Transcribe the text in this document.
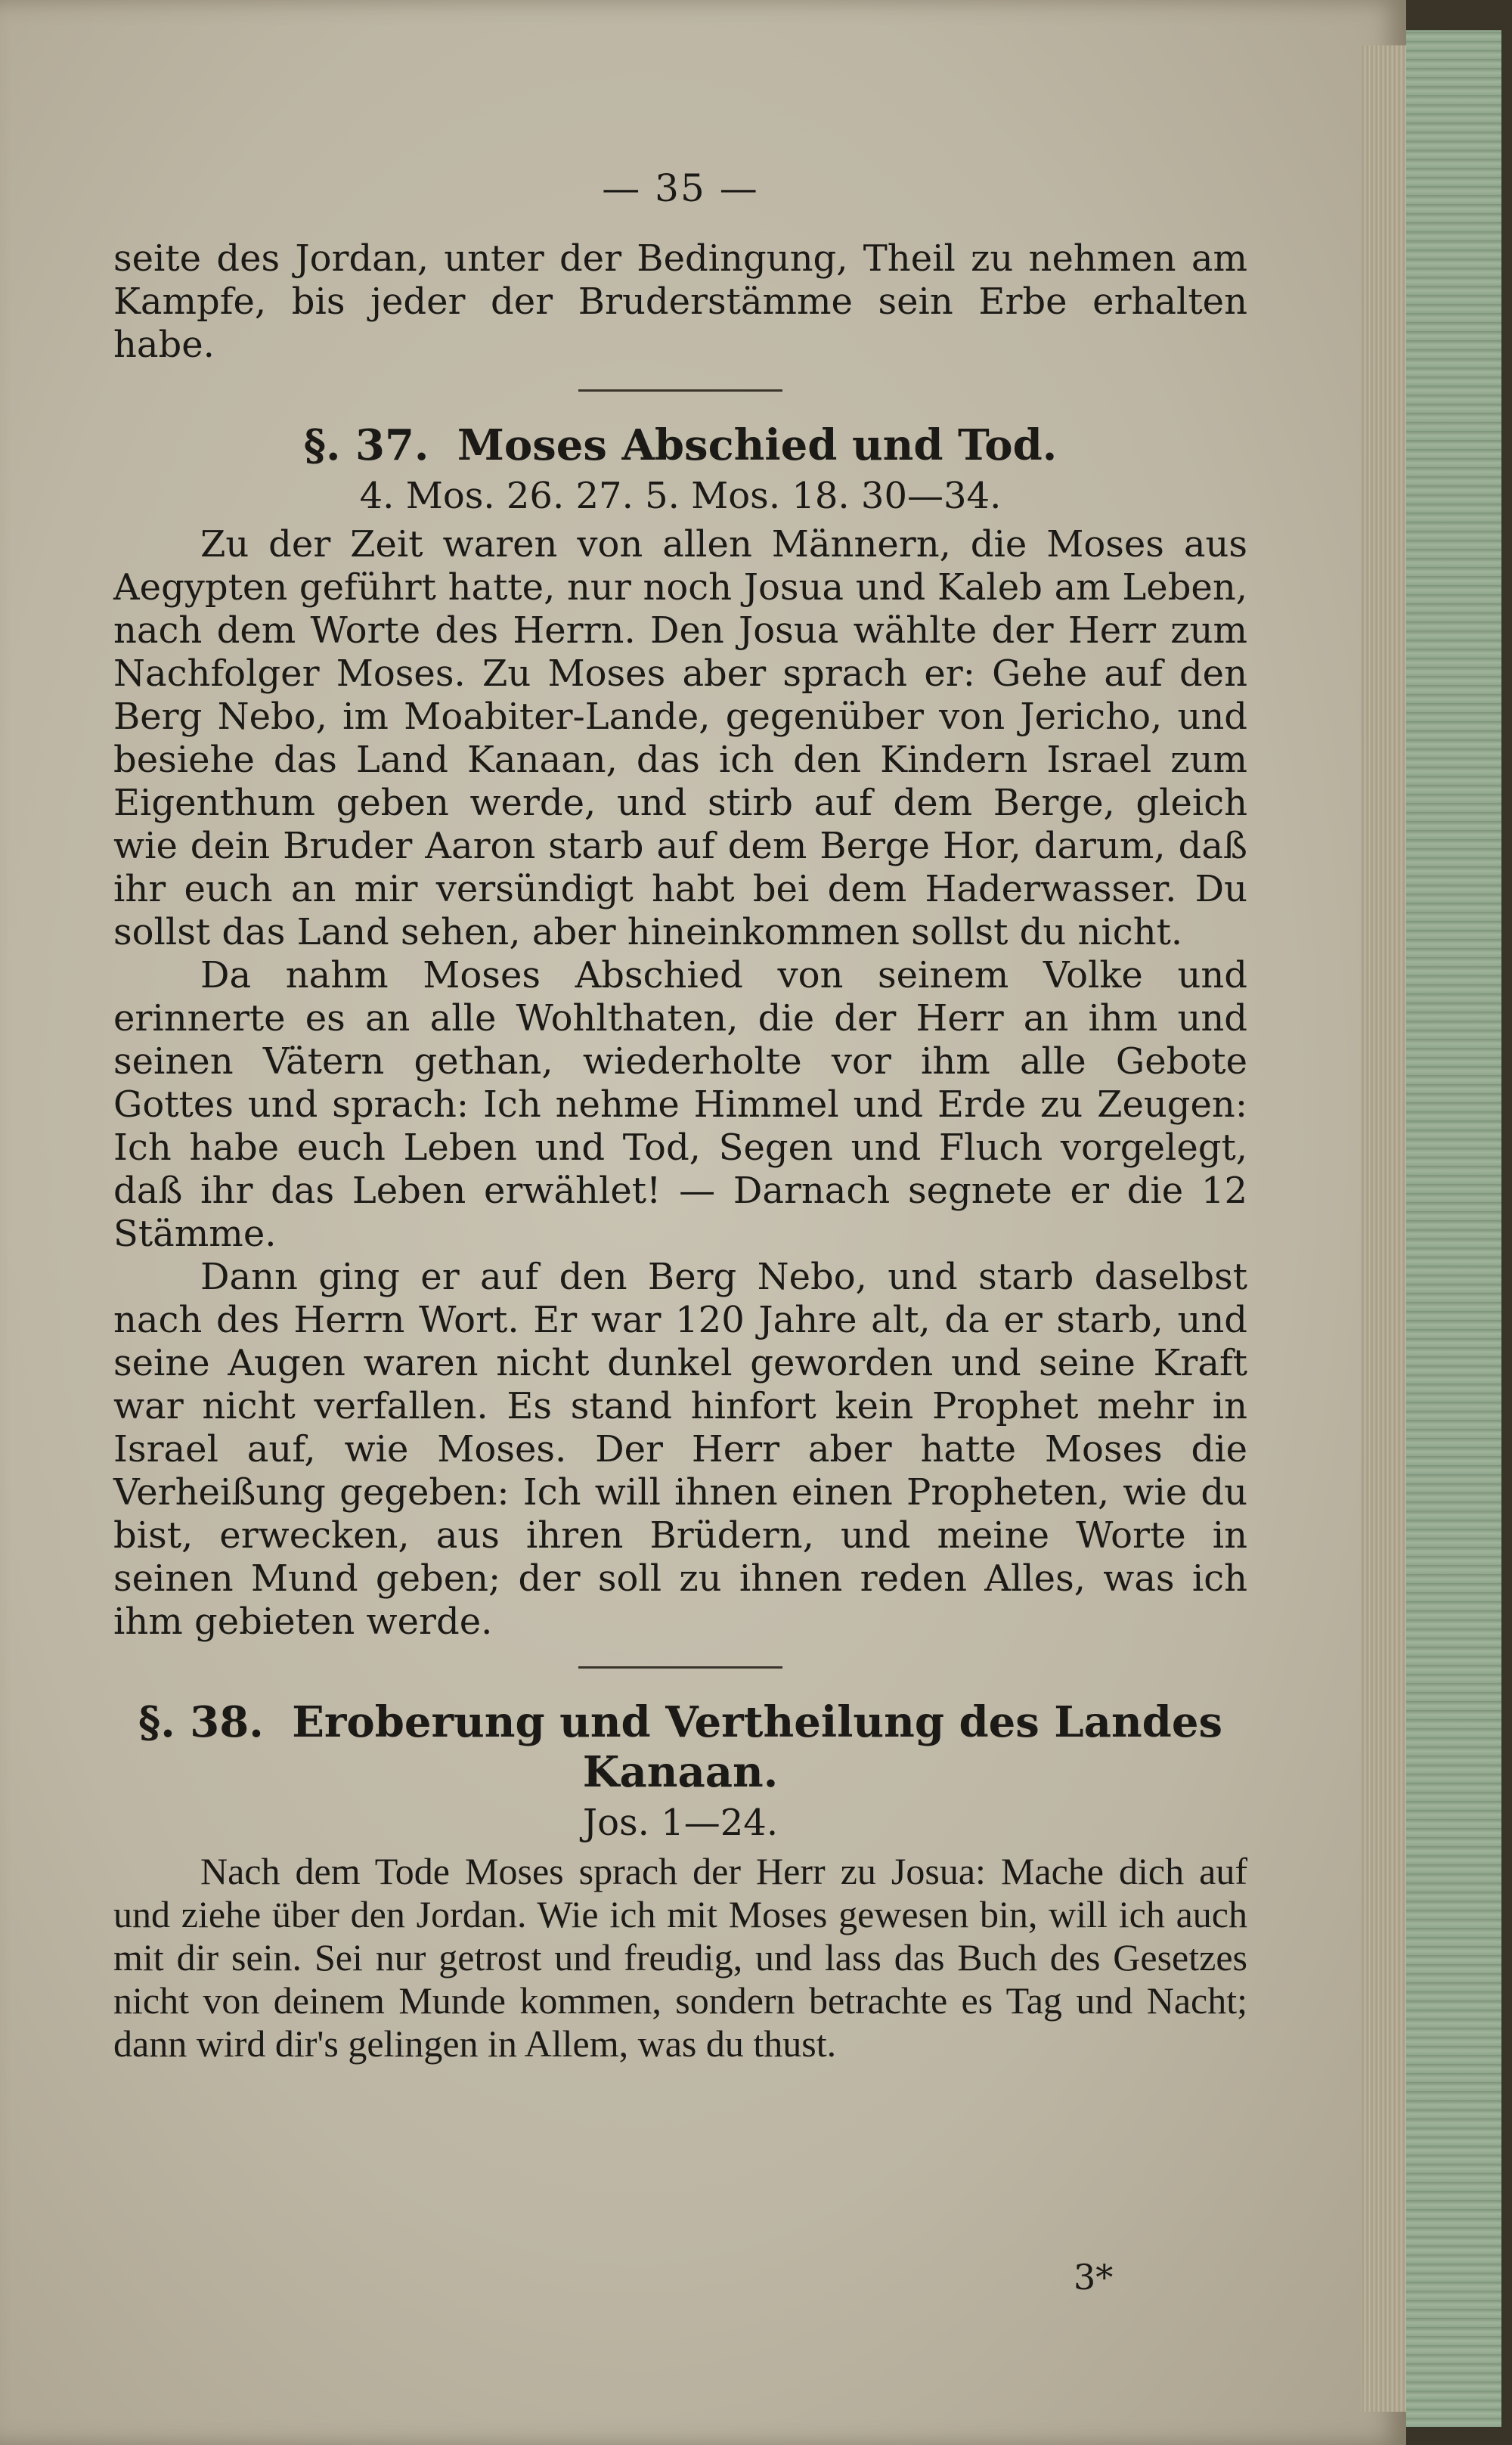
— 35 —

seite des Jordan, unter der Bedingung, Theil zu nehmen am Kampfe, bis jeder der Bruderstämme sein Erbe erhalten habe.

§. 37. Moses Abschied und Tod.
4. Mos. 26. 27. 5. Mos. 18. 30—34.

Zu der Zeit waren von allen Männern, die Moses aus Aegypten geführt hatte, nur noch Josua und Kaleb am Leben, nach dem Worte des Herrn. Den Josua wählte der Herr zum Nachfolger Moses. Zu Moses aber sprach er: Gehe auf den Berg Nebo, im Moabiter-Lande, gegenüber von Jericho, und besiehe das Land Kanaan, das ich den Kindern Israel zum Eigenthum geben werde, und stirb auf dem Berge, gleich wie dein Bruder Aaron starb auf dem Berge Hor, darum, daß ihr euch an mir versündigt habt bei dem Haderwasser. Du sollst das Land sehen, aber hineinkommen sollst du nicht.

Da nahm Moses Abschied von seinem Volke und erinnerte es an alle Wohlthaten, die der Herr an ihm und seinen Vätern gethan, wiederholte vor ihm alle Gebote Gottes und sprach: Ich nehme Himmel und Erde zu Zeugen: Ich habe euch Leben und Tod, Segen und Fluch vorgelegt, daß ihr das Leben erwählet! — Darnach segnete er die 12 Stämme.

Dann ging er auf den Berg Nebo, und starb daselbst nach des Herrn Wort. Er war 120 Jahre alt, da er starb, und seine Augen waren nicht dunkel geworden und seine Kraft war nicht verfallen. Es stand hinfort kein Prophet mehr in Israel auf, wie Moses. Der Herr aber hatte Moses die Verheißung gegeben: Ich will ihnen einen Propheten, wie du bist, erwecken, aus ihren Brüdern, und meine Worte in seinen Mund geben; der soll zu ihnen reden Alles, was ich ihm gebieten werde.

§. 38. Eroberung und Vertheilung des Landes Kanaan.
Jos. 1—24.

Nach dem Tode Moses sprach der Herr zu Josua: Mache dich auf und ziehe über den Jordan. Wie ich mit Moses gewesen bin, will ich auch mit dir sein. Sei nur getrost und freudig, und lass das Buch des Gesetzes nicht von deinem Munde kommen, sondern betrachte es Tag und Nacht; dann wird dir's gelingen in Allem, was du thust.

3*
